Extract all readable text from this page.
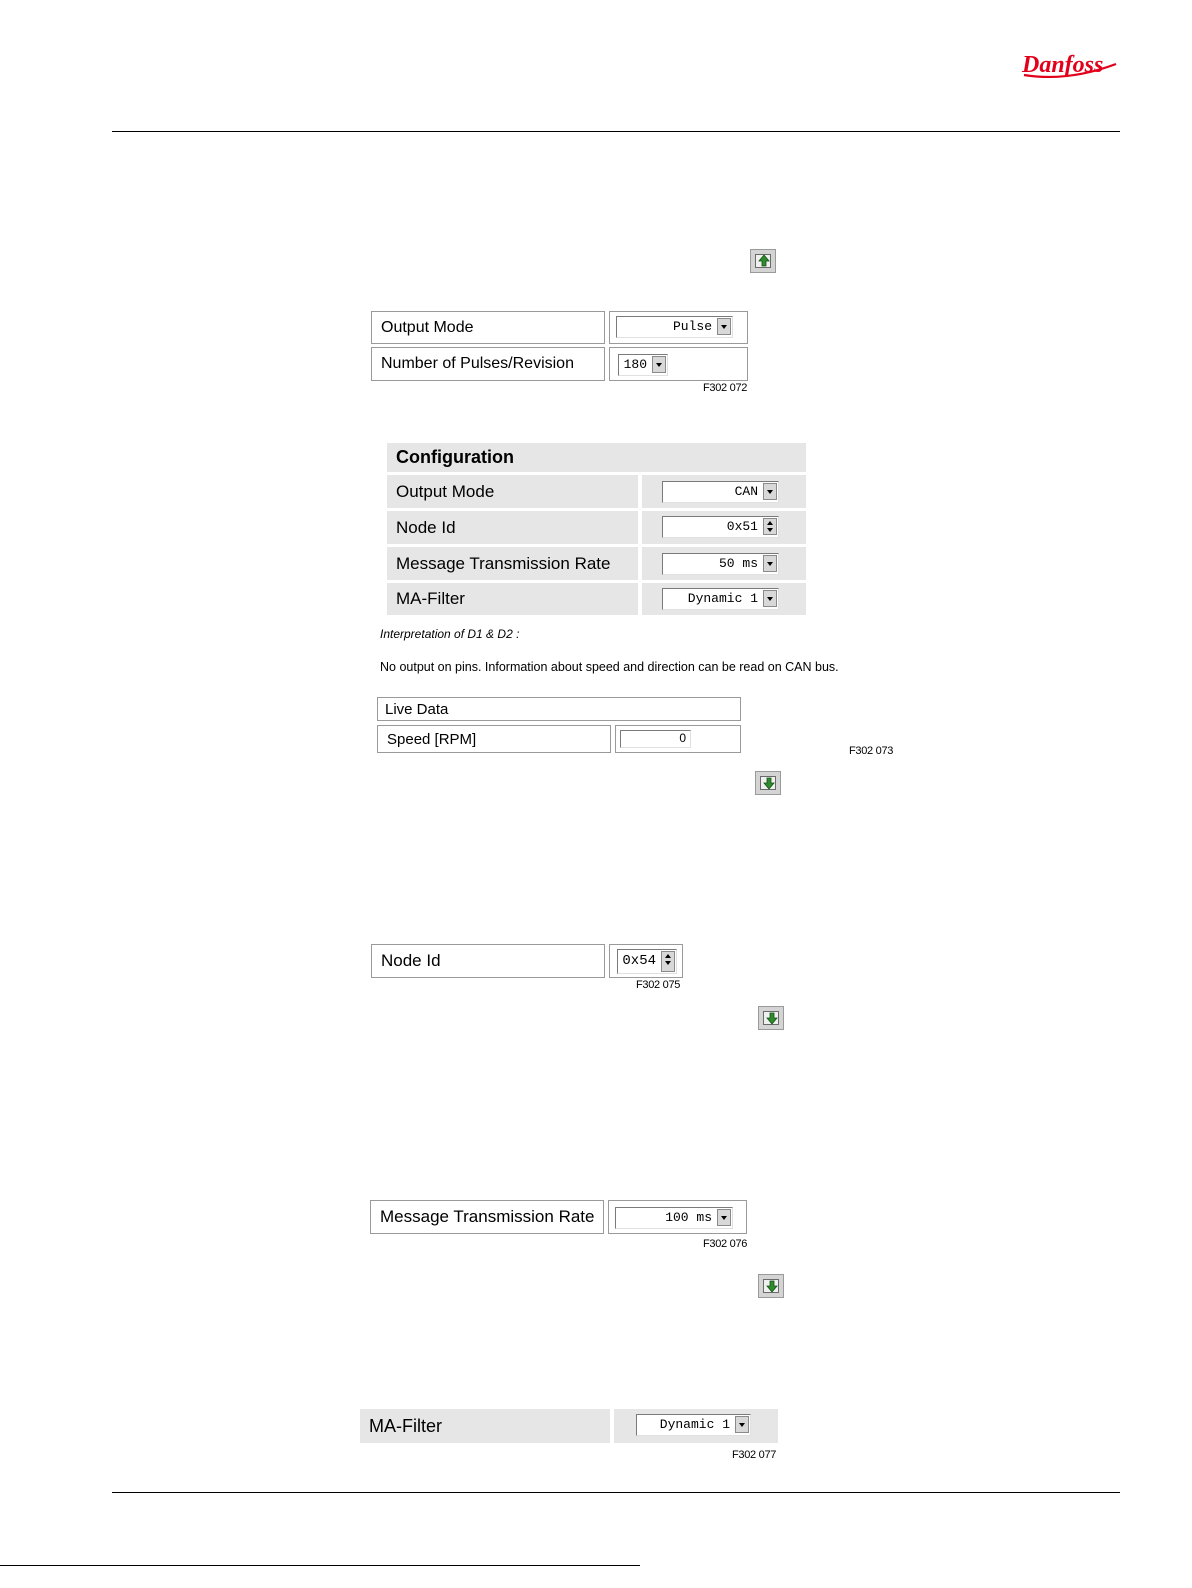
Danfoss
Output Mode	Pulse
Number of Pulses/Revision	180
F302 072
Configuration
Output Mode	CAN
Node Id	0x51
Message Transmission Rate	50 ms
MA-Filter	Dynamic 1
Interpretation of D1 & D2 :
No output on pins. Information about speed and direction can be read on CAN bus.
Live Data
Speed [RPM]	0
F302 073
Node Id	0x54
F302 075
Message Transmission Rate	100 ms
F302 076
MA-Filter	Dynamic 1
F302 077
